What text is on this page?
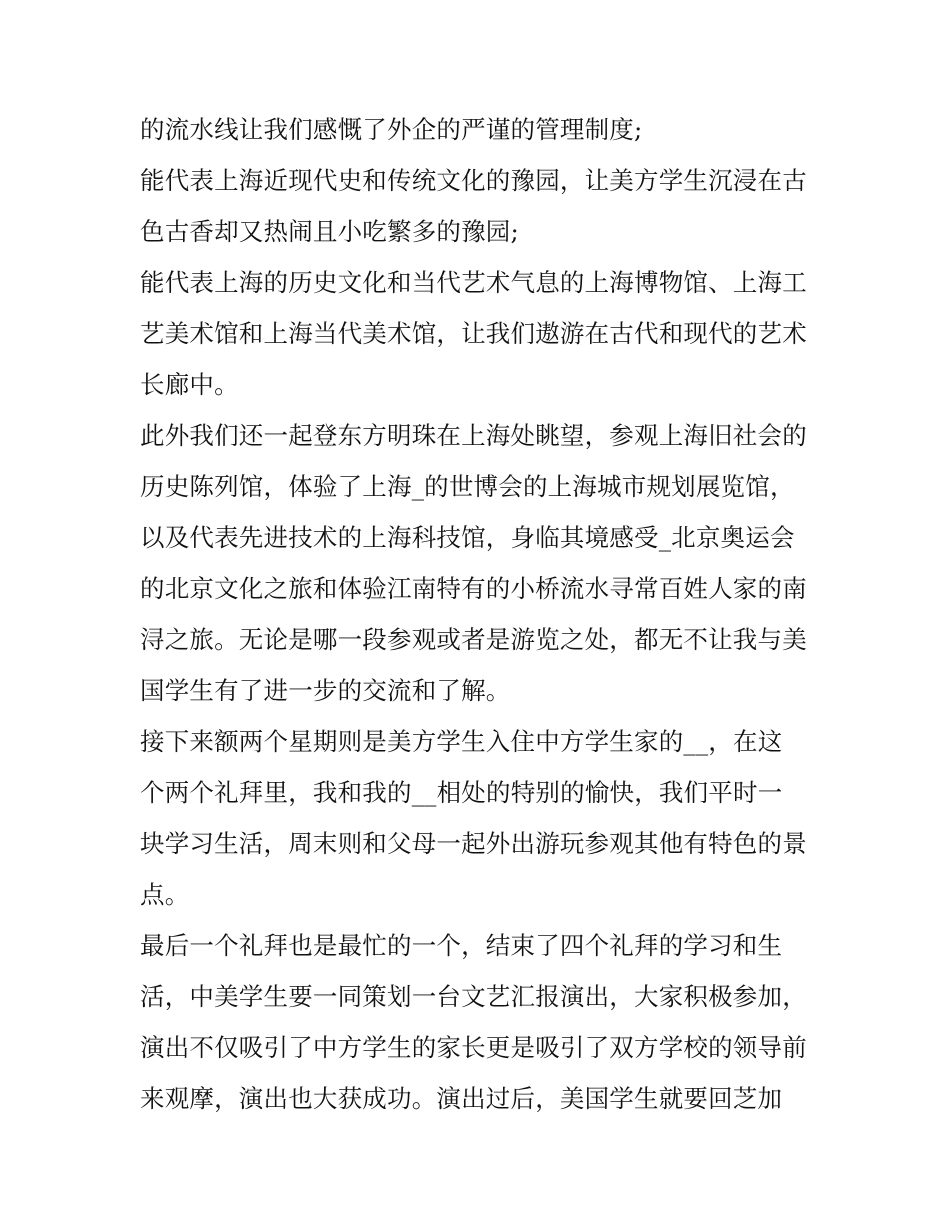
的流水线让我们感慨了外企的严谨的管理制度;
能代表上海近现代史和传统文化的豫园，让美方学生沉浸在古
色古香却又热闹且小吃繁多的豫园;
能代表上海的历史文化和当代艺术气息的上海博物馆、上海工
艺美术馆和上海当代美术馆，让我们遨游在古代和现代的艺术
长廊中。
此外我们还一起登东方明珠在上海处眺望，参观上海旧社会的
历史陈列馆，体验了上海_的世博会的上海城市规划展览馆，
以及代表先进技术的上海科技馆，身临其境感受_北京奥运会
的北京文化之旅和体验江南特有的小桥流水寻常百姓人家的南
浔之旅。无论是哪一段参观或者是游览之处，都无不让我与美
国学生有了进一步的交流和了解。
接下来额两个星期则是美方学生入住中方学生家的__，在这
个两个礼拜里，我和我的__相处的特别的愉快，我们平时一
块学习生活，周末则和父母一起外出游玩参观其他有特色的景
点。
最后一个礼拜也是最忙的一个，结束了四个礼拜的学习和生
活，中美学生要一同策划一台文艺汇报演出，大家积极参加，
演出不仅吸引了中方学生的家长更是吸引了双方学校的领导前
来观摩，演出也大获成功。演出过后，美国学生就要回芝加
